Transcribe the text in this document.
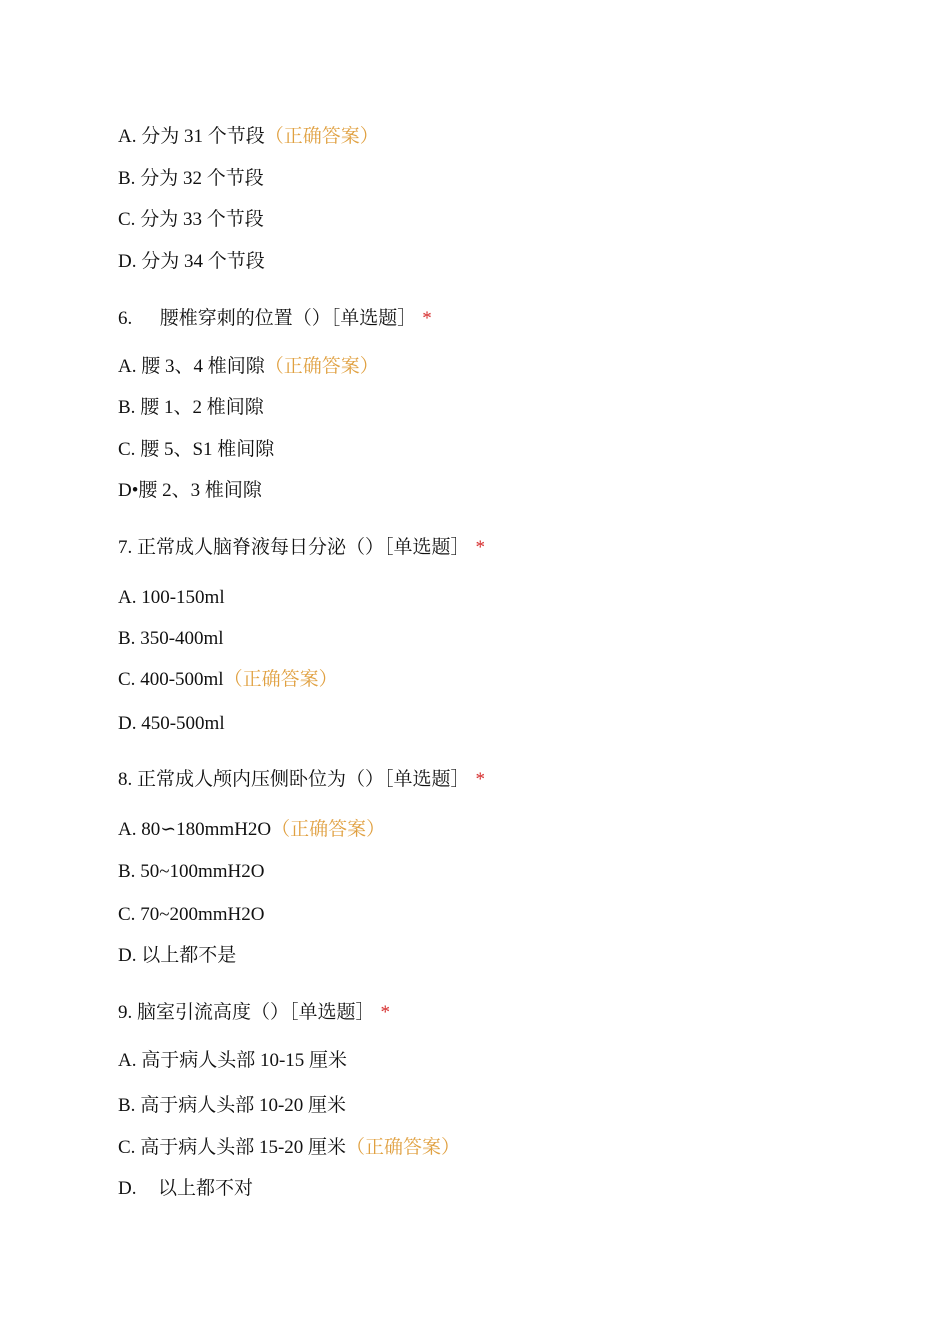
A. 分为 31 个节段（正确答案）
B. 分为 32 个节段
C. 分为 33 个节段
D. 分为 34 个节段
6. 腰椎穿刺的位置（）［单选题］ *
A. 腰 3、4 椎间隙（正确答案）
B. 腰 1、2 椎间隙
C. 腰 5、S1 椎间隙
D•腰 2、3 椎间隙
7. 正常成人脑脊液每日分泌（）［单选题］ *
A. 100-150ml
B. 350-400ml
C. 400-500ml（正确答案）
D. 450-500ml
8. 正常成人颅内压侧卧位为（）［单选题］ *
A. 80∽180mmH2O（正确答案）
B. 50~100mmH2O
C. 70~200mmH2O
D. 以上都不是
9. 脑室引流高度（）［单选题］ *
A. 高于病人头部 10-15 厘米
B. 高于病人头部 10-20 厘米
C. 高于病人头部 15-20 厘米（正确答案）
D. 以上都不对
